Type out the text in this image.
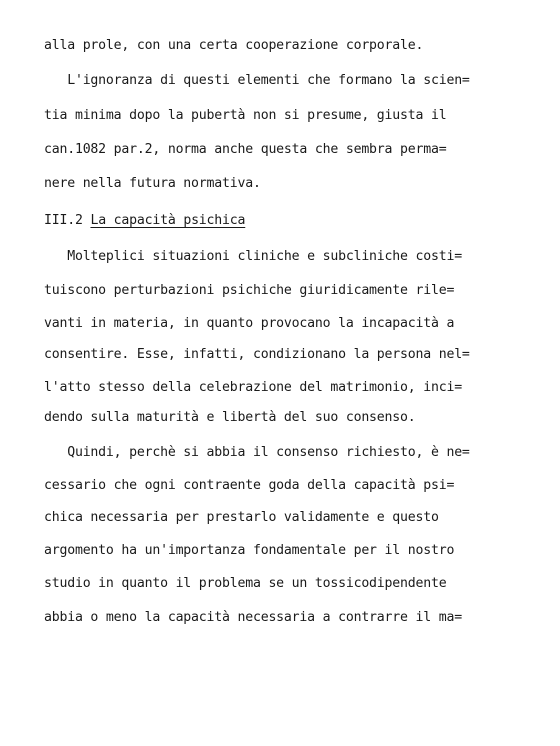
alla prole, con una certa cooperazione corporale.
L'ignoranza di questi elementi che formano la scien=
tia minima dopo la pubertà non si presume, giusta il
can.1082 par.2, norma anche questa che sembra perma=
nere nella futura normativa.
III.2 La capacità psichica
Molteplici situazioni cliniche e subcliniche costi=
tuiscono perturbazioni psichiche giuridicamente rile=
vanti in materia, in quanto provocano la incapacità a
consentire. Esse, infatti, condizionano la persona nel=
l'atto stesso della celebrazione del matrimonio, inci=
dendo sulla maturità e libertà del suo consenso.
Quindi, perchè si abbia il consenso richiesto, è ne=
cessario che ogni contraente goda della capacità psi=
chica necessaria per prestarlo validamente e questo
argomento ha un'importanza fondamentale per il nostro
studio in quanto il problema se un tossicodipendente
abbia o meno la capacità necessaria a contrarre il ma=
